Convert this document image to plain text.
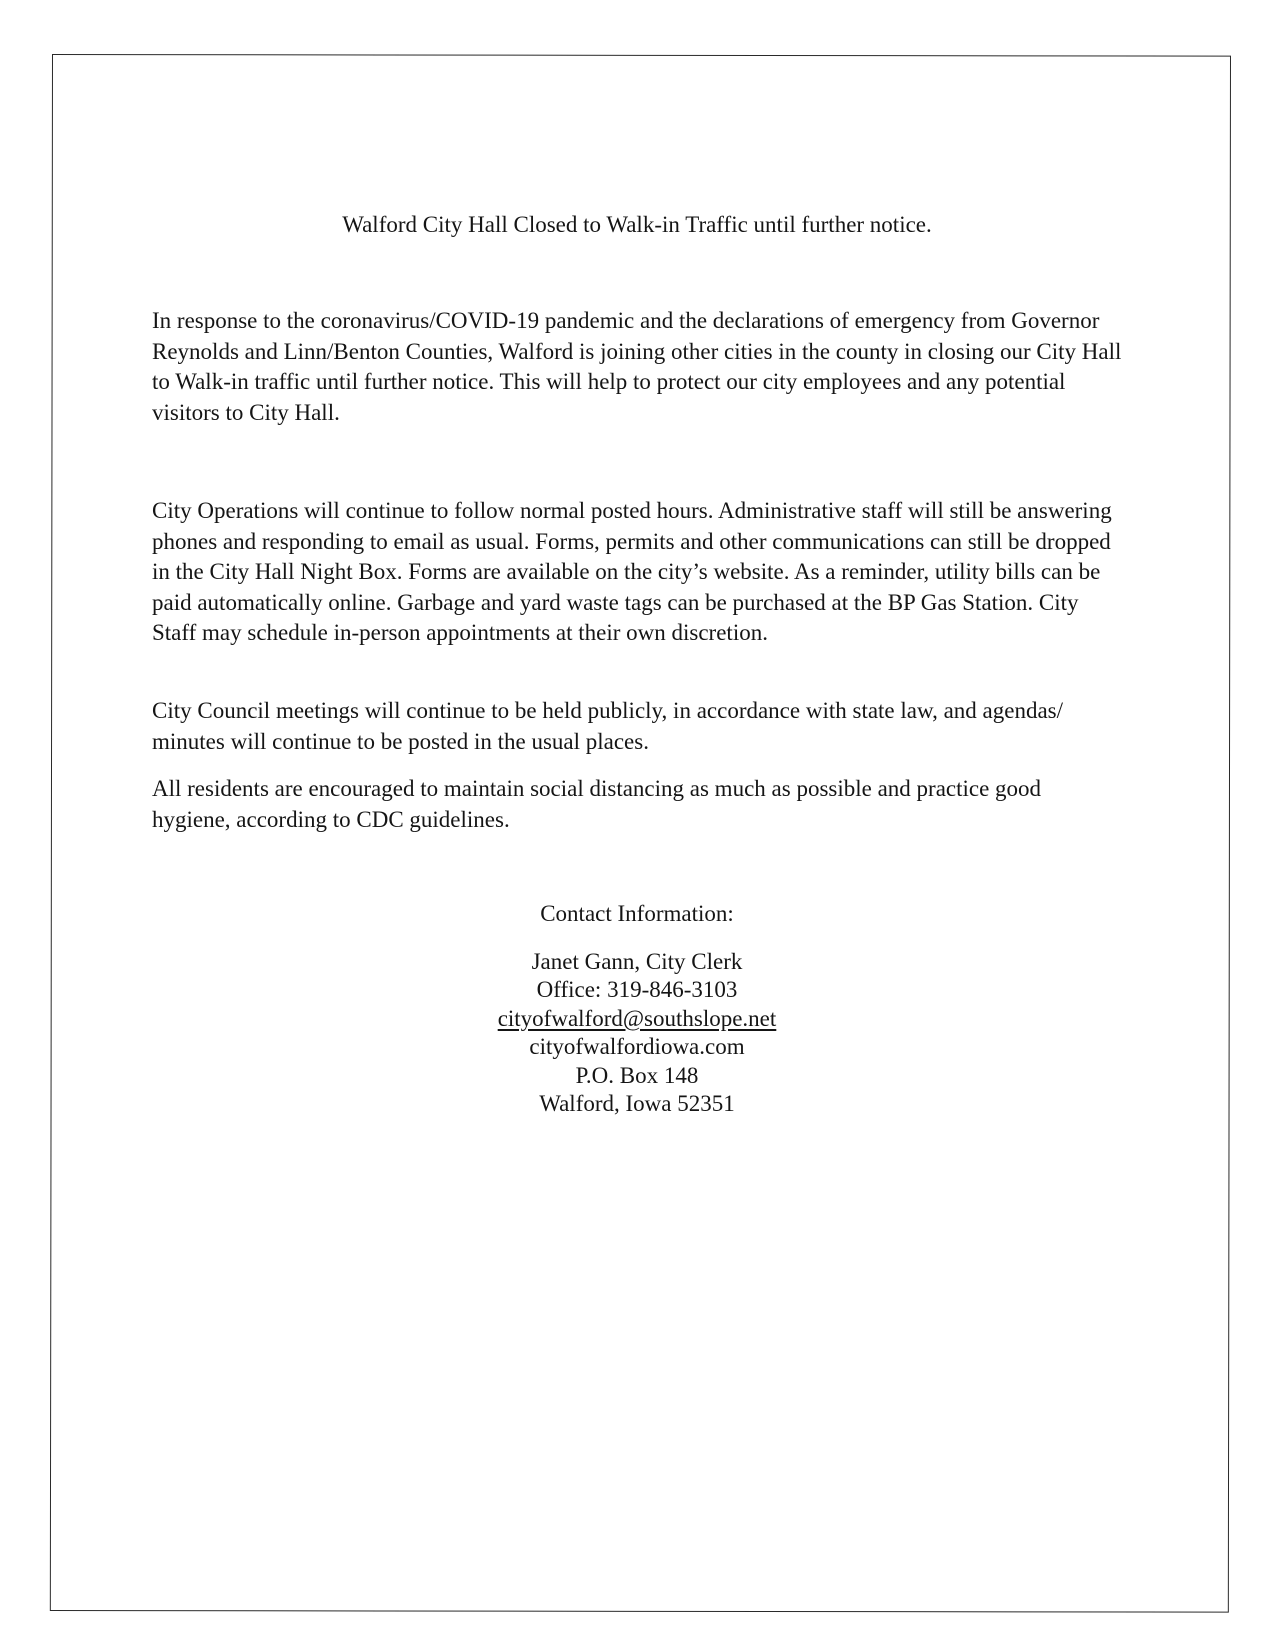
Walford City Hall Closed to Walk-in Traffic until further notice.

In response to the coronavirus/COVID-19 pandemic and the declarations of emergency from Governor Reynolds and Linn/Benton Counties, Walford is joining other cities in the county in closing our City Hall to Walk-in traffic until further notice. This will help to protect our city employees and any potential visitors to City Hall.

City Operations will continue to follow normal posted hours. Administrative staff will still be answering phones and responding to email as usual. Forms, permits and other communications can still be dropped in the City Hall Night Box. Forms are available on the city’s website. As a reminder, utility bills can be paid automatically online. Garbage and yard waste tags can be purchased at the BP Gas Station. City Staff may schedule in-person appointments at their own discretion.

City Council meetings will continue to be held publicly, in accordance with state law, and agendas/ minutes will continue to be posted in the usual places.

All residents are encouraged to maintain social distancing as much as possible and practice good hygiene, according to CDC guidelines.

Contact Information:

Janet Gann, City Clerk
Office: 319-846-3103
cityofwalford@southslope.net
cityofwalfordiowa.com
P.O. Box 148
Walford, Iowa 52351
